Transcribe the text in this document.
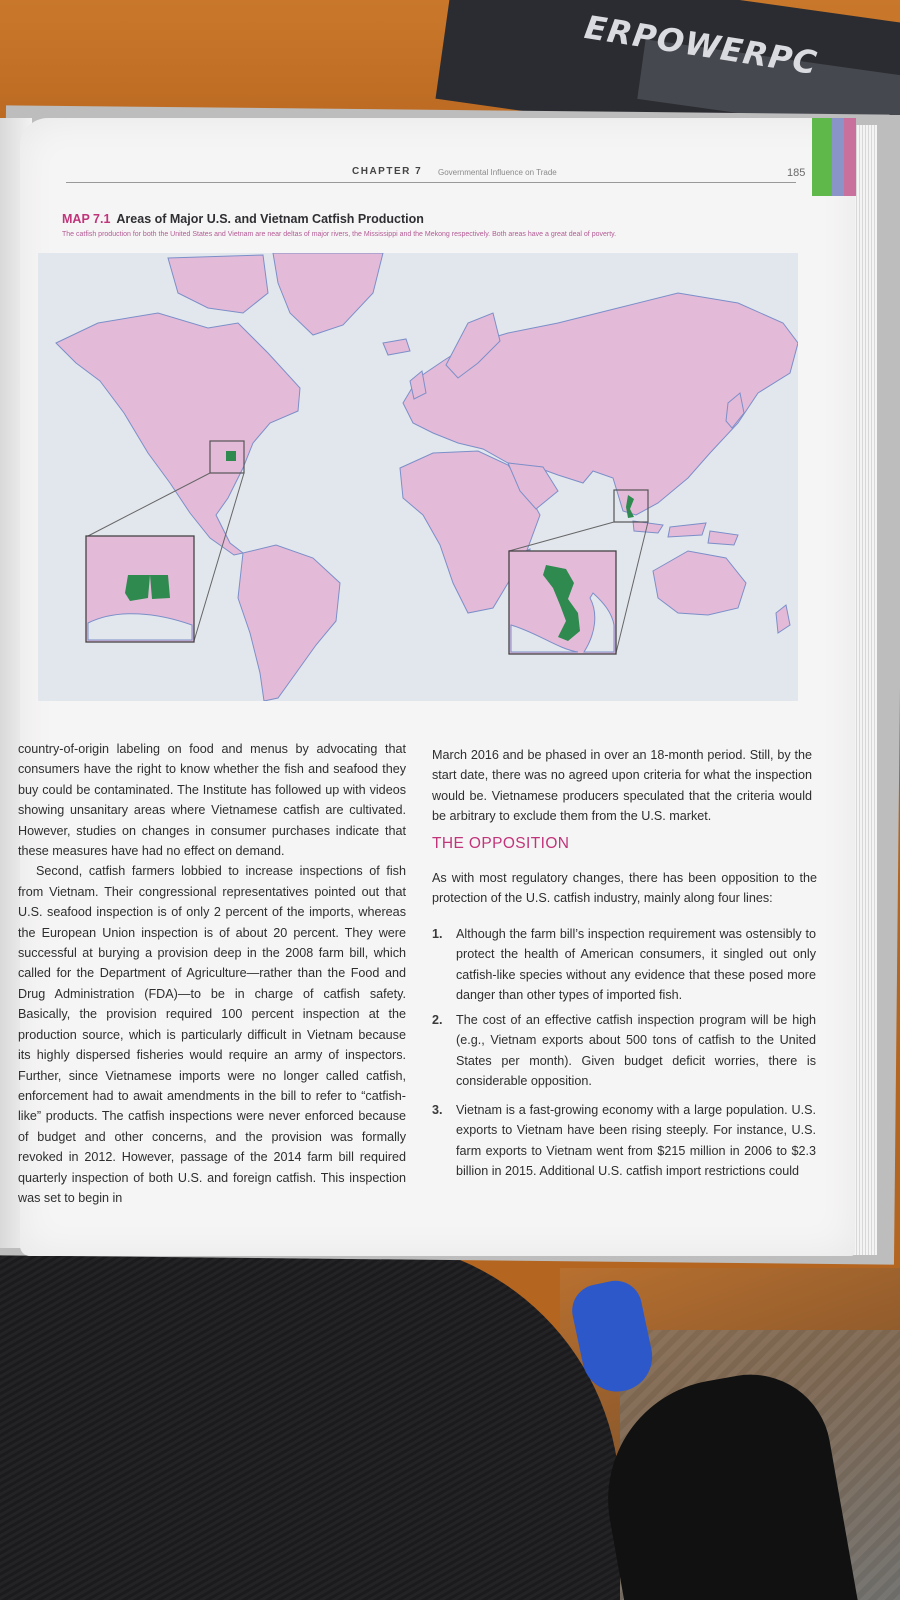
ERPOWERPC
CHAPTER 7 Governmental Influence on Trade	185
MAP 7.1 Areas of Major U.S. and Vietnam Catfish Production
The catfish production for both the United States and Vietnam are near deltas of major rivers, the Mississippi and the Mekong respectively. Both areas have a great deal of poverty.

country-of-origin labeling on food and menus by advocating that consumers have the right to know whether the fish and seafood they buy could be contaminated. The Institute has followed up with videos showing unsanitary areas where Vietnamese catfish are cultivated. However, studies on changes in consumer purchases indicate that these measures have had no effect on demand.

Second, catfish farmers lobbied to increase inspections of fish from Vietnam. Their congressional representatives pointed out that U.S. seafood inspection is of only 2 percent of the imports, whereas the European Union inspection is of about 20 percent. They were successful at burying a provision deep in the 2008 farm bill, which called for the Department of Agriculture—rather than the Food and Drug Administration (FDA)—to be in charge of catfish safety. Basically, the provision required 100 percent inspection at the production source, which is particularly difficult in Vietnam because its highly dispersed fisheries would require an army of inspectors. Further, since Vietnamese imports were no longer called catfish, enforcement had to await amendments in the bill to refer to “catfish-like” products. The catfish inspections were never enforced because of budget and other concerns, and the provision was formally revoked in 2012. However, passage of the 2014 farm bill required quarterly inspection of both U.S. and foreign catfish. This inspection was set to begin in

March 2016 and be phased in over an 18-month period. Still, by the start date, there was no agreed upon criteria for what the inspection would be. Vietnamese producers speculated that the criteria would be arbitrary to exclude them from the U.S. market.

THE OPPOSITION
As with most regulatory changes, there has been opposition to the protection of the U.S. catfish industry, mainly along four lines:
1.	Although the farm bill’s inspection requirement was ostensibly to protect the health of American consumers, it singled out only catfish-like species without any evidence that these posed more danger than other types of imported fish.
2.	The cost of an effective catfish inspection program will be high (e.g., Vietnam exports about 500 tons of catfish to the United States per month). Given budget deficit worries, there is considerable opposition.
3.	Vietnam is a fast-growing economy with a large population. U.S. exports to Vietnam have been rising steeply. For instance, U.S. farm exports to Vietnam went from $215 million in 2006 to $2.3 billion in 2015. Additional U.S. catfish import restrictions could
